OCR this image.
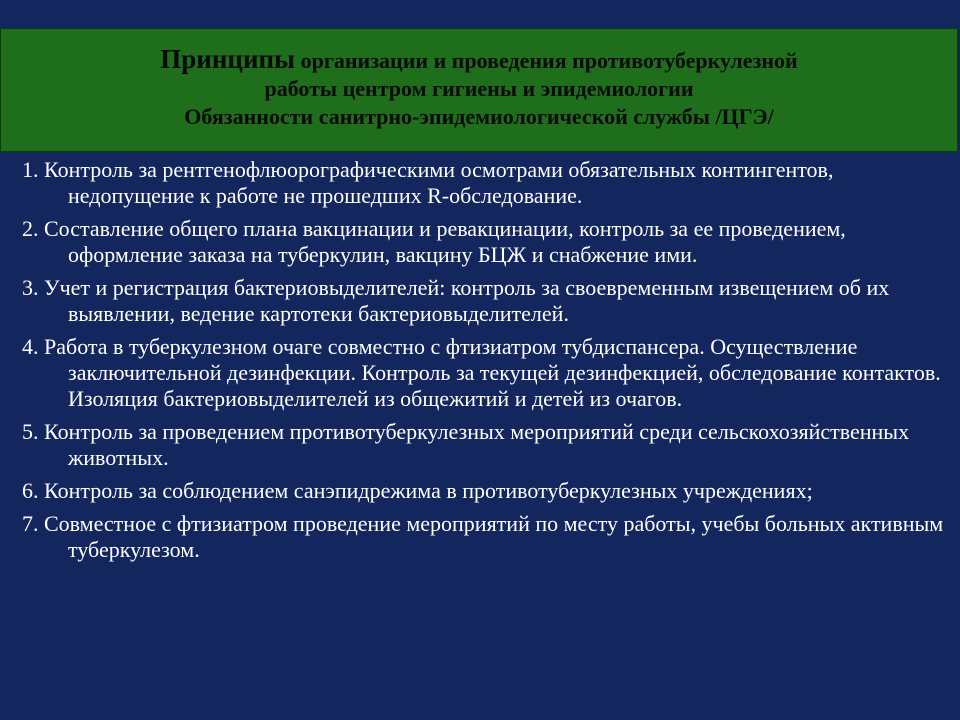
Принципы организации и проведения противотуберкулезной
работы центром гигиены и эпидемиологии
Обязанности санитрно-эпидемиологической службы /ЦГЭ/
1. Контроль за рентгенофлюорографическими осмотрами обязательных контингентов, недопущение к работе не прошедших R-обследование.
2. Составление общего плана вакцинации и ревакцинации, контроль за ее проведением, оформление заказа на туберкулин, вакцину БЦЖ и снабжение ими.
3. Учет и регистрация бактериовыделителей: контроль за своевременным извещением об их выявлении, ведение картотеки бактериовыделителей.
4. Работа в туберкулезном очаге совместно с фтизиатром тубдиспансера. Осуществление заключительной дезинфекции. Контроль за текущей дезинфекцией, обследование контактов. Изоляция бактериовыделителей из общежитий и детей из очагов.
5. Контроль за проведением противотуберкулезных мероприятий среди сельскохозяйственных животных.
6. Контроль за соблюдением санэпидрежима в противотуберкулезных учреждениях;
7. Совместное с фтизиатром проведение мероприятий по месту работы, учебы больных активным туберкулезом.
